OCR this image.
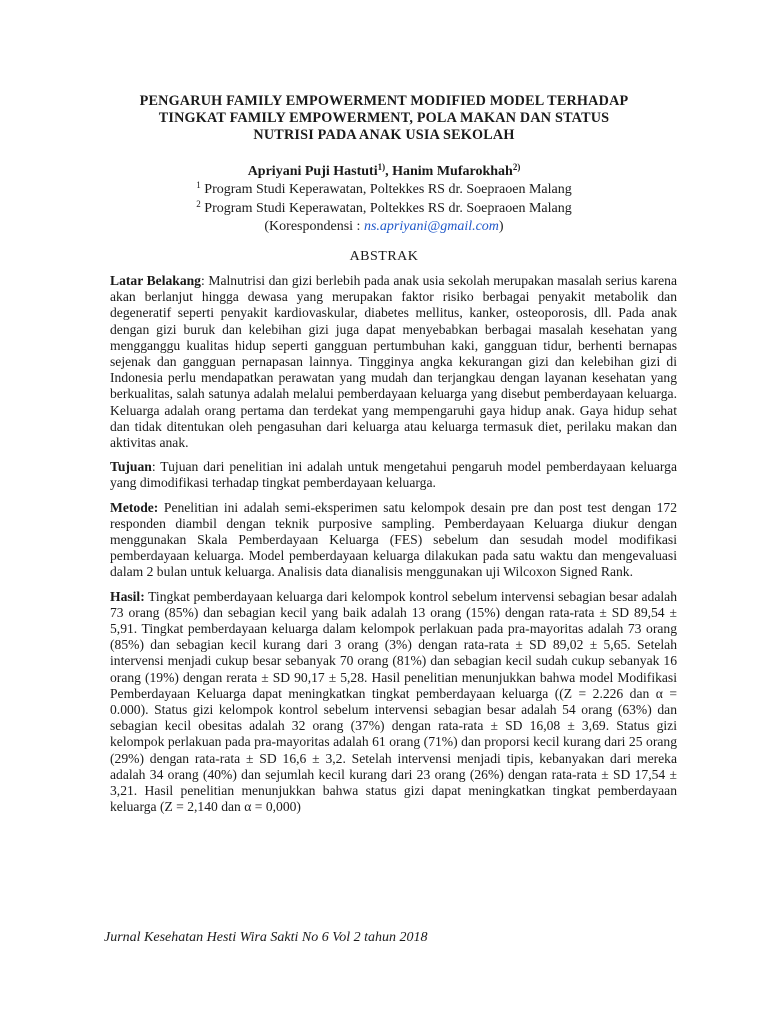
PENGARUH FAMILY EMPOWERMENT MODIFIED MODEL TERHADAP
TINGKAT FAMILY EMPOWERMENT, POLA MAKAN DAN STATUS
NUTRISI PADA ANAK USIA SEKOLAH
Apriyani Puji Hastuti$^{1)}$, Hanim Mufarokhah$^{2)}$
$^1$ Program Studi Keperawatan, Poltekkes RS dr. Soepraoen Malang
$^2$ Program Studi Keperawatan, Poltekkes RS dr. Soepraoen Malang
(Korespondensi : ns.apriyani@gmail.com)
ABSTRAK

Latar Belakang: Malnutrisi dan gizi berlebih pada anak usia sekolah merupakan masalah serius karena akan berlanjut hingga dewasa yang merupakan faktor risiko berbagai penyakit metabolik dan degeneratif seperti penyakit kardiovaskular, diabetes mellitus, kanker, osteoporosis, dll. Pada anak dengan gizi buruk dan kelebihan gizi juga dapat menyebabkan berbagai masalah kesehatan yang mengganggu kualitas hidup seperti gangguan pertumbuhan kaki, gangguan tidur, berhenti bernapas sejenak dan gangguan pernapasan lainnya. Tingginya angka kekurangan gizi dan kelebihan gizi di Indonesia perlu mendapatkan perawatan yang mudah dan terjangkau dengan layanan kesehatan yang berkualitas, salah satunya adalah melalui pemberdayaan keluarga yang disebut pemberdayaan keluarga. Keluarga adalah orang pertama dan terdekat yang mempengaruhi gaya hidup anak. Gaya hidup sehat dan tidak ditentukan oleh pengasuhan dari keluarga atau keluarga termasuk diet, perilaku makan dan aktivitas anak.

Tujuan: Tujuan dari penelitian ini adalah untuk mengetahui pengaruh model pemberdayaan keluarga yang dimodifikasi terhadap tingkat pemberdayaan keluarga.

Metode: Penelitian ini adalah semi-eksperimen satu kelompok desain pre dan post test dengan 172 responden diambil dengan teknik purposive sampling. Pemberdayaan Keluarga diukur dengan menggunakan Skala Pemberdayaan Keluarga (FES) sebelum dan sesudah model modifikasi pemberdayaan keluarga. Model pemberdayaan keluarga dilakukan pada satu waktu dan mengevaluasi dalam 2 bulan untuk keluarga. Analisis data dianalisis menggunakan uji Wilcoxon Signed Rank.

Hasil: Tingkat pemberdayaan keluarga dari kelompok kontrol sebelum intervensi sebagian besar adalah 73 orang (85%) dan sebagian kecil yang baik adalah 13 orang (15%) dengan rata-rata ± SD 89,54 ± 5,91. Tingkat pemberdayaan keluarga dalam kelompok perlakuan pada pra-mayoritas adalah 73 orang (85%) dan sebagian kecil kurang dari 3 orang (3%) dengan rata-rata ± SD 89,02 ± 5,65. Setelah intervensi menjadi cukup besar sebanyak 70 orang (81%) dan sebagian kecil sudah cukup sebanyak 16 orang (19%) dengan rerata ± SD 90,17 ± 5,28. Hasil penelitian menunjukkan bahwa model Modifikasi Pemberdayaan Keluarga dapat meningkatkan tingkat pemberdayaan keluarga ((Z = 2.226 dan α = 0.000). Status gizi kelompok kontrol sebelum intervensi sebagian besar adalah 54 orang (63%) dan sebagian kecil obesitas adalah 32 orang (37%) dengan rata-rata ± SD 16,08 ± 3,69. Status gizi kelompok perlakuan pada pra-mayoritas adalah 61 orang (71%) dan proporsi kecil kurang dari 25 orang (29%) dengan rata-rata ± SD 16,6 ± 3,2. Setelah intervensi menjadi tipis, kebanyakan dari mereka adalah 34 orang (40%) dan sejumlah kecil kurang dari 23 orang (26%) dengan rata-rata ± SD 17,54 ± 3,21. Hasil penelitian menunjukkan bahwa status gizi dapat meningkatkan tingkat pemberdayaan keluarga (Z = 2,140 dan α = 0,000)

Jurnal Kesehatan Hesti Wira Sakti No 6 Vol 2 tahun 2018
